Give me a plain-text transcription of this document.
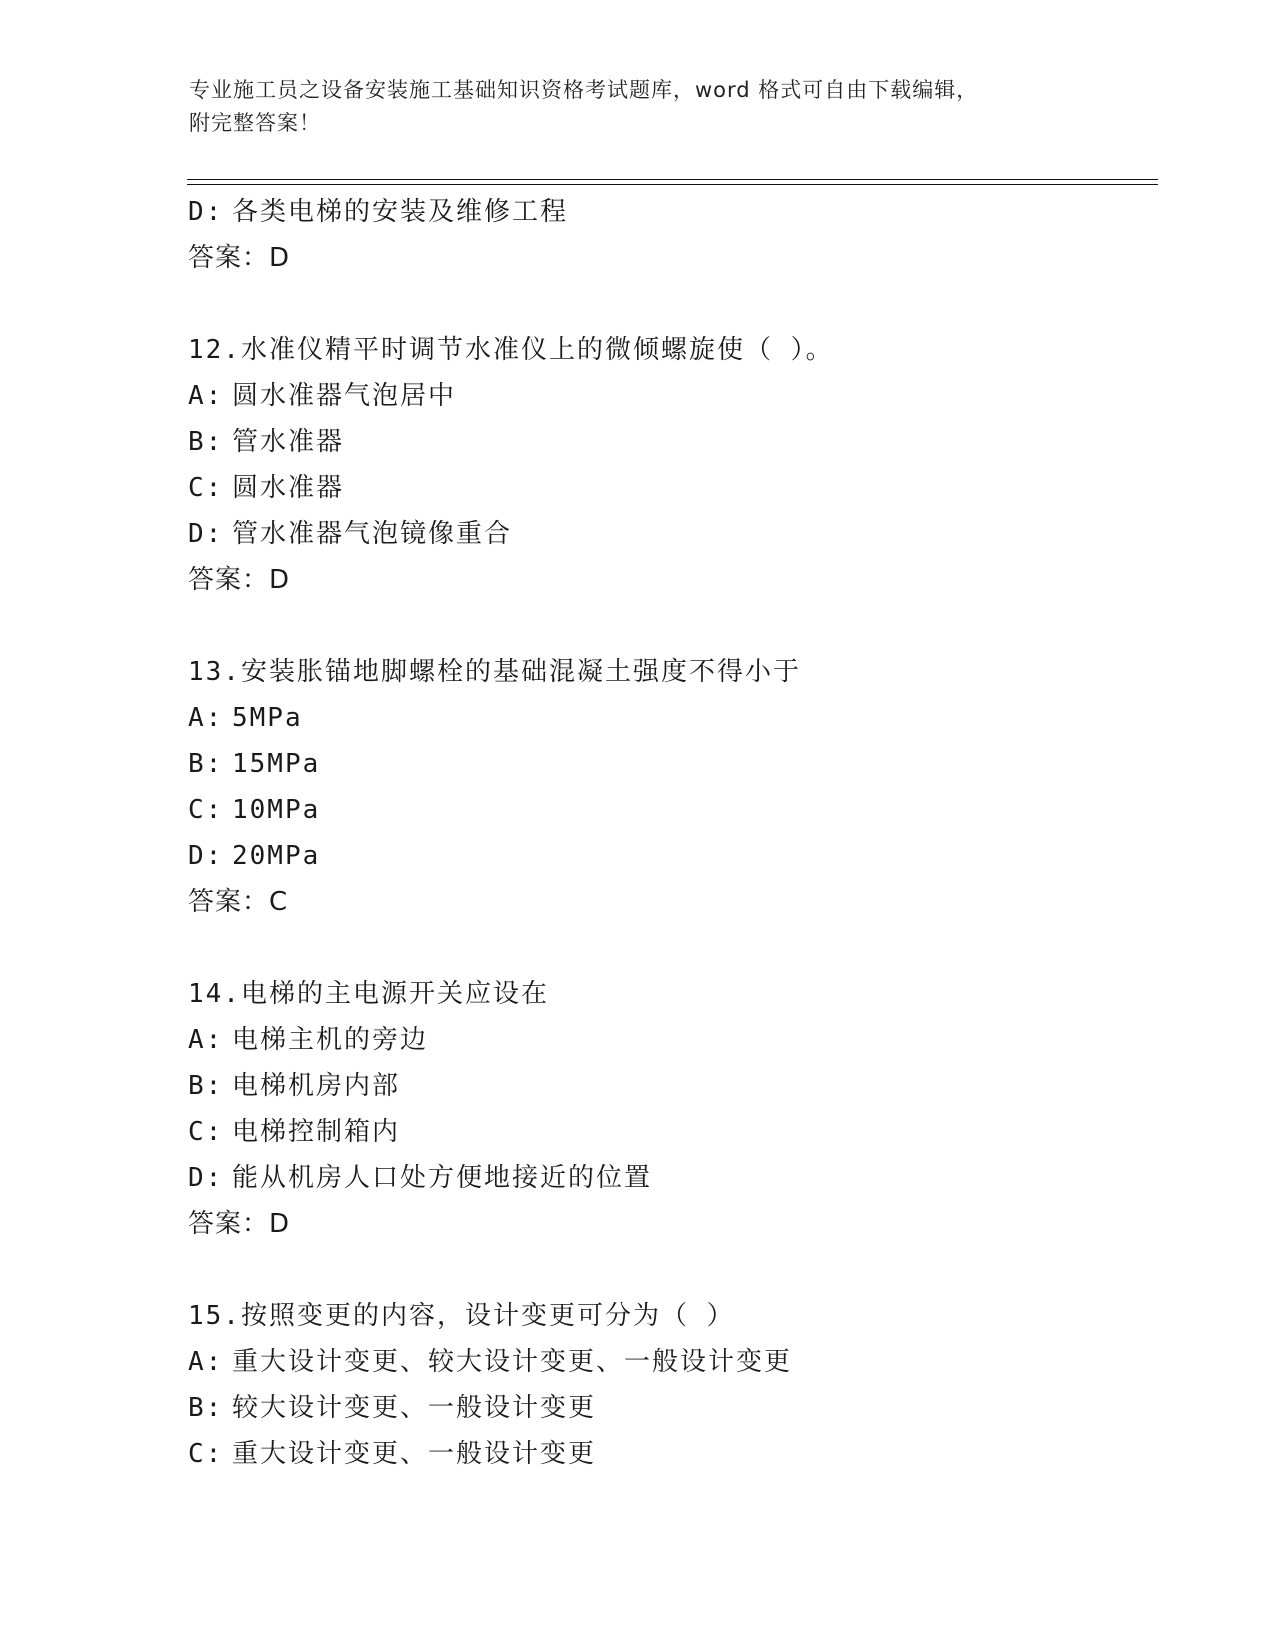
专业施工员之设备安装施工基础知识资格考试题库，word 格式可自由下载编辑，
附完整答案！
D: 各类电梯的安装及维修工程
答案：D
12.水准仪精平时调节水准仪上的微倾螺旋使（ ）。
A: 圆水准器气泡居中
B: 管水准器
C: 圆水准器
D: 管水准器气泡镜像重合
答案：D
13.安装胀锚地脚螺栓的基础混凝土强度不得小于
A: 5MPa
B: 15MPa
C: 10MPa
D: 20MPa
答案：C
14.电梯的主电源开关应设在
A: 电梯主机的旁边
B: 电梯机房内部
C: 电梯控制箱内
D: 能从机房人口处方便地接近的位置
答案：D
15.按照变更的内容，设计变更可分为（ ）
A: 重大设计变更、较大设计变更、一般设计变更
B: 较大设计变更、一般设计变更
C: 重大设计变更、一般设计变更
